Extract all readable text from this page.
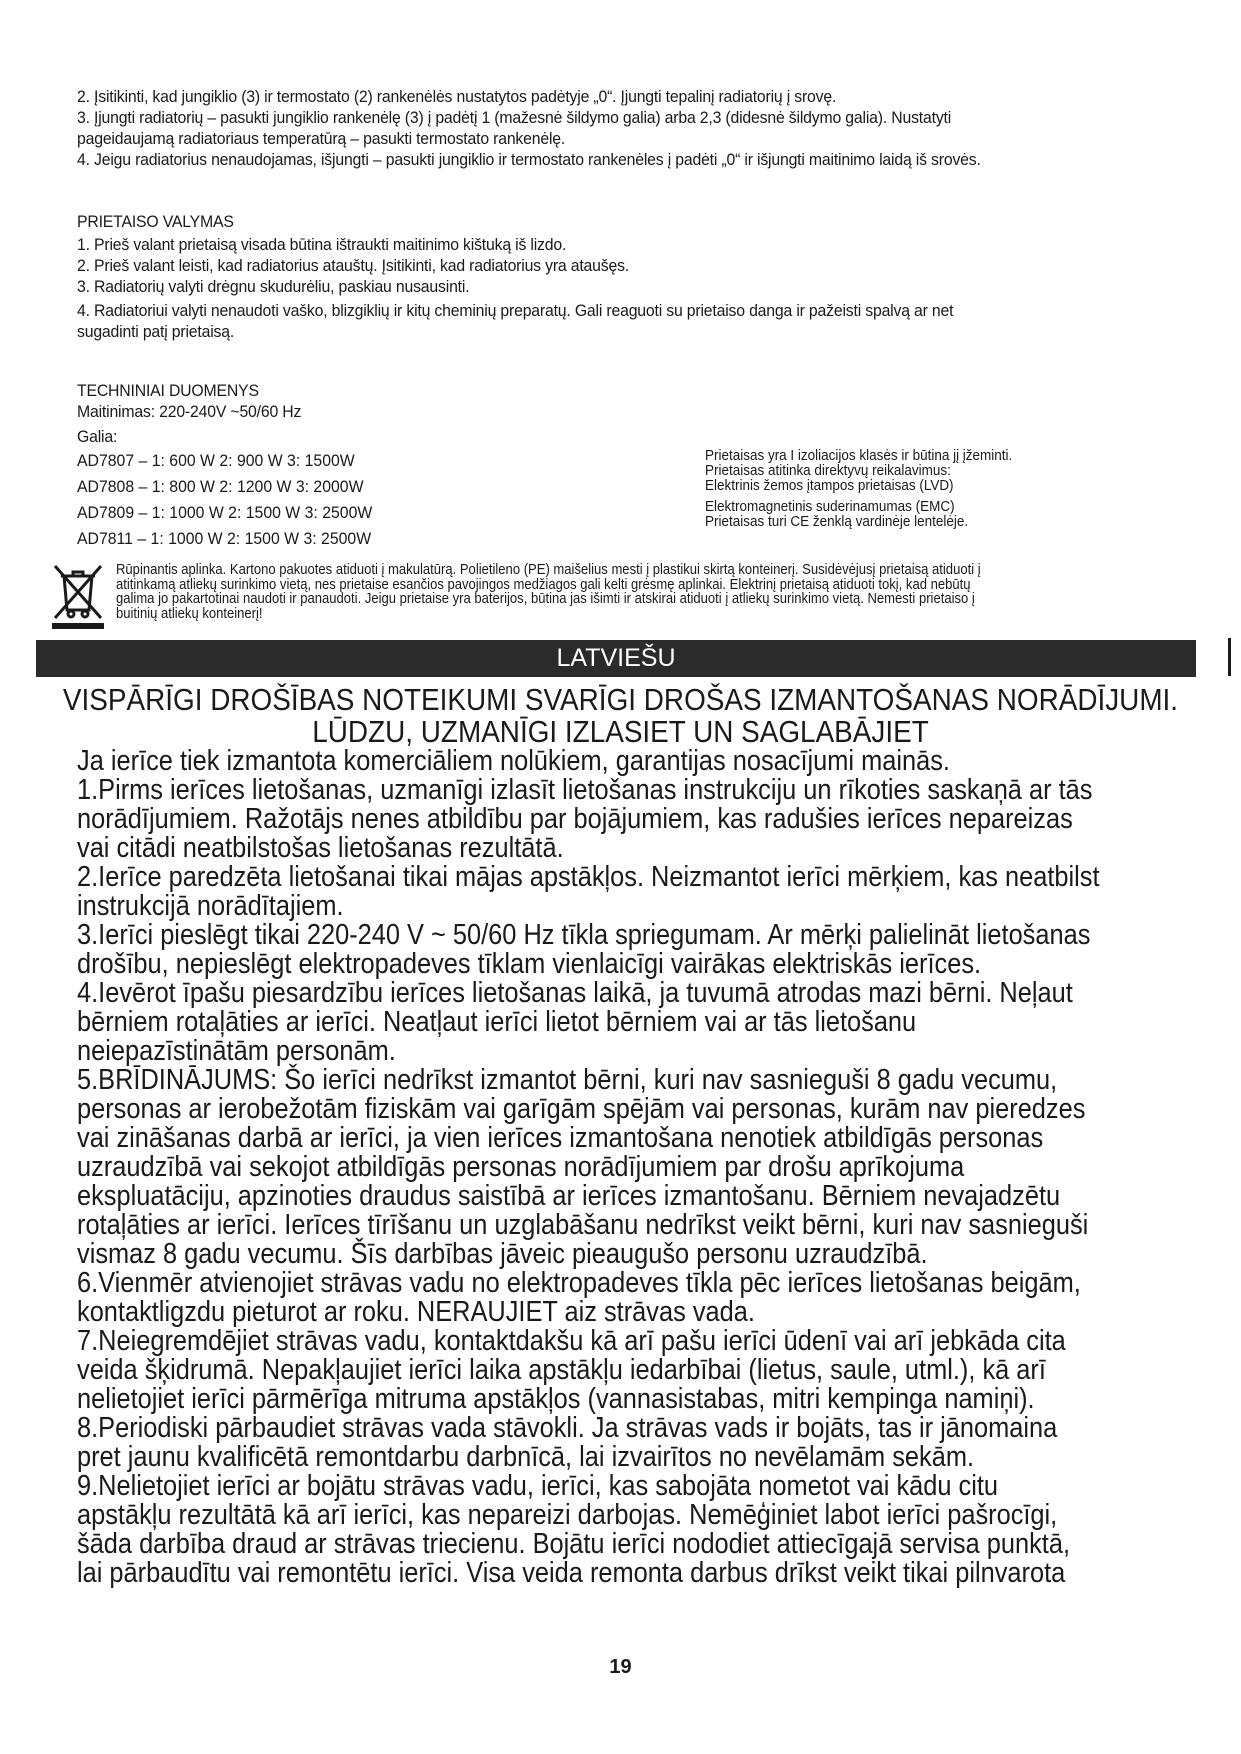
2. Įsitikinti, kad jungiklio (3) ir termostato (2) rankenėlės nustatytos padėtyje „0“. Įjungti tepalinį radiatorių į srovę.

3. Įjungti radiatorių – pasukti jungiklio rankenėlę (3) į padėtį 1 (mažesnė šildymo galia) arba 2,3 (didesnė šildymo galia). Nustatyti

pageidaujamą radiatoriaus temperatūrą – pasukti termostato rankenėlę.

4. Jeigu radiatorius nenaudojamas, išjungti – pasukti jungiklio ir termostato rankenėles į padėti „0“ ir išjungti maitinimo laidą iš srovės.

PRIETAISO VALYMAS

1. Prieš valant prietaisą visada būtina ištraukti maitinimo kištuką iš lizdo.

2. Prieš valant leisti, kad radiatorius atauštų. Įsitikinti, kad radiatorius yra ataušęs.

3. Radiatorių valyti drėgnu skudurėliu, paskiau nusausinti.

4. Radiatoriui valyti nenaudoti vaško, blizgiklių ir kitų cheminių preparatų. Gali reaguoti su prietaiso danga ir pažeisti spalvą ar net

sugadinti patį prietaisą.

TECHNINIAI DUOMENYS

Maitinimas: 220-240V ~50/60 Hz

Galia:

AD7807 – 1: 600 W 2: 900 W 3: 1500W

AD7808 – 1: 800 W 2: 1200 W 3: 2000W

AD7809 – 1: 1000 W 2: 1500 W 3: 2500W

AD7811 – 1: 1000 W 2: 1500 W 3: 2500W

Prietaisas yra I izoliacijos klasės ir būtina jį įžeminti.

Prietaisas atitinka direktyvų reikalavimus:

Elektrinis žemos įtampos prietaisas (LVD)

Elektromagnetinis suderinamumas (EMC)

Prietaisas turi CE ženklą vardinėje lentelėje.

Rūpinantis aplinka. Kartono pakuotes atiduoti į makulatūrą. Polietileno (PE) maišelius mesti į plastikui skirtą konteinerį. Susidėvėjusį prietaisą atiduoti į
atitinkamą atliekų surinkimo vietą, nes prietaise esančios pavojingos medžiagos gali kelti grėsmę aplinkai. Elektrinį prietaisą atiduoti tokį, kad nebūtų
galima jo pakartotinai naudoti ir panaudoti. Jeigu prietaise yra baterijos, būtina jas išimti ir atskirai atiduoti į atliekų surinkimo vietą. Nemesti prietaiso į
buitinių atliekų konteinerį!
LATVIEŠU
VISPĀRĪGI DROŠĪBAS NOTEIKUMI SVARĪGI DROŠAS IZMANTOŠANAS NORĀDĪJUMI.
LŪDZU, UZMANĪGI IZLASIET UN SAGLABĀJIET

Ja ierīce tiek izmantota komerciāliem nolūkiem, garantijas nosacījumi mainās.

1.Pirms ierīces lietošanas, uzmanīgi izlasīt lietošanas instrukciju un rīkoties saskaņā ar tās

norādījumiem. Ražotājs nenes atbildību par bojājumiem, kas radušies ierīces nepareizas

vai citādi neatbilstošas lietošanas rezultātā.

2.Ierīce paredzēta lietošanai tikai mājas apstākļos. Neizmantot ierīci mērķiem, kas neatbilst

instrukcijā norādītajiem.

3.Ierīci pieslēgt tikai 220-240 V ~ 50/60 Hz tīkla spriegumam. Ar mērķi palielināt lietošanas

drošību, nepieslēgt elektropadeves tīklam vienlaicīgi vairākas elektriskās ierīces.

4.Ievērot īpašu piesardzību ierīces lietošanas laikā, ja tuvumā atrodas mazi bērni. Neļaut

bērniem rotaļāties ar ierīci. Neatļaut ierīci lietot bērniem vai ar tās lietošanu

neiepazīstinātām personām.

5.BRĪDINĀJUMS: Šo ierīci nedrīkst izmantot bērni, kuri nav sasnieguši 8 gadu vecumu,

personas ar ierobežotām fiziskām vai garīgām spējām vai personas, kurām nav pieredzes

vai zināšanas darbā ar ierīci, ja vien ierīces izmantošana nenotiek atbildīgās personas

uzraudzībā vai sekojot atbildīgās personas norādījumiem par drošu aprīkojuma

ekspluatāciju, apzinoties draudus saistībā ar ierīces izmantošanu. Bērniem nevajadzētu

rotaļāties ar ierīci. Ierīces tīrīšanu un uzglabāšanu nedrīkst veikt bērni, kuri nav sasnieguši

vismaz 8 gadu vecumu. Šīs darbības jāveic pieaugušo personu uzraudzībā.

6.Vienmēr atvienojiet strāvas vadu no elektropadeves tīkla pēc ierīces lietošanas beigām,

kontaktligzdu pieturot ar roku. NERAUJIET aiz strāvas vada.

7.Neiegremdējiet strāvas vadu, kontaktdakšu kā arī pašu ierīci ūdenī vai arī jebkāda cita

veida šķidrumā. Nepakļaujiet ierīci laika apstākļu iedarbībai (lietus, saule, utml.), kā arī

nelietojiet ierīci pārmērīga mitruma apstākļos (vannasistabas, mitri kempinga namiņi).

8.Periodiski pārbaudiet strāvas vada stāvokli. Ja strāvas vads ir bojāts, tas ir jānomaina

pret jaunu kvalificētā remontdarbu darbnīcā, lai izvairītos no nevēlamām sekām.

9.Nelietojiet ierīci ar bojātu strāvas vadu, ierīci, kas sabojāta nometot vai kādu citu

apstākļu rezultātā kā arī ierīci, kas nepareizi darbojas. Nemēģiniet labot ierīci pašrocīgi,

šāda darbība draud ar strāvas triecienu. Bojātu ierīci nododiet attiecīgajā servisa punktā,

lai pārbaudītu vai remontētu ierīci. Visa veida remonta darbus drīkst veikt tikai pilnvarota

19
